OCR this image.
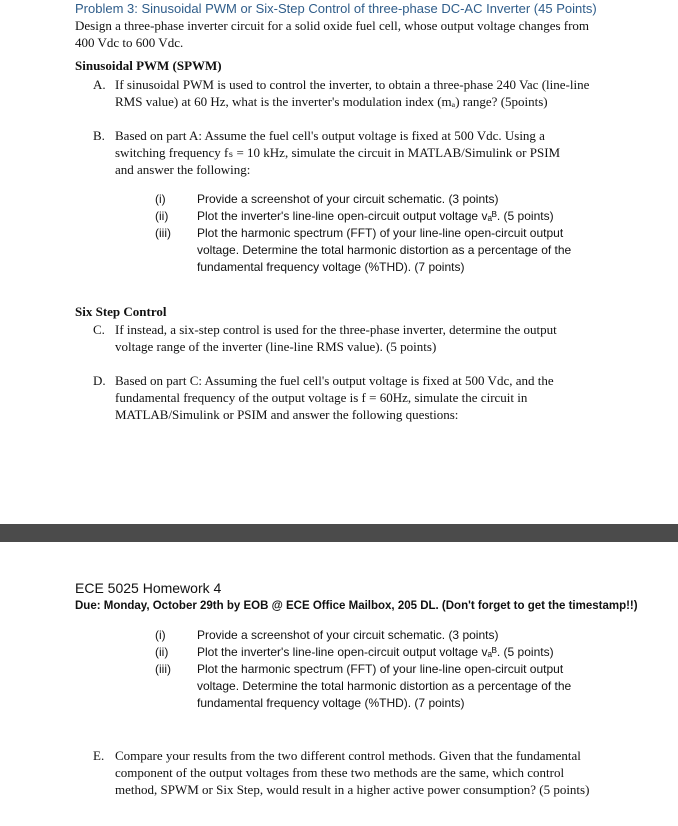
Problem 3: Sinusoidal PWM or Six-Step Control of three-phase DC-AC Inverter (45 Points)
Design a three-phase inverter circuit for a solid oxide fuel cell, whose output voltage changes from 400 Vdc to 600 Vdc.
Sinusoidal PWM (SPWM)
A. If sinusoidal PWM is used to control the inverter, to obtain a three-phase 240 Vac (line-line RMS value) at 60 Hz, what is the inverter's modulation index (mₐ) range? (5points)
B. Based on part A: Assume the fuel cell's output voltage is fixed at 500 Vdc. Using a switching frequency fₛ = 10 kHz, simulate the circuit in MATLAB/Simulink or PSIM and answer the following:
(i)	Provide a screenshot of your circuit schematic. (3 points)
(ii)	Plot the inverter's line-line open-circuit output voltage vₐᴮ. (5 points)
(iii)	Plot the harmonic spectrum (FFT) of your line-line open-circuit output voltage. Determine the total harmonic distortion as a percentage of the fundamental frequency voltage (%THD). (7 points)
Six Step Control
C. If instead, a six-step control is used for the three-phase inverter, determine the output voltage range of the inverter (line-line RMS value). (5 points)
D. Based on part C: Assuming the fuel cell's output voltage is fixed at 500 Vdc, and the fundamental frequency of the output voltage is f = 60Hz, simulate the circuit in MATLAB/Simulink or PSIM and answer the following questions:
ECE 5025 Homework 4
Due: Monday, October 29th by EOB @ ECE Office Mailbox, 205 DL. (Don't forget to get the timestamp!!)
(i)	Provide a screenshot of your circuit schematic. (3 points)
(ii)	Plot the inverter's line-line open-circuit output voltage vₐᴮ. (5 points)
(iii)	Plot the harmonic spectrum (FFT) of your line-line open-circuit output voltage. Determine the total harmonic distortion as a percentage of the fundamental frequency voltage (%THD). (7 points)
E. Compare your results from the two different control methods. Given that the fundamental component of the output voltages from these two methods are the same, which control method, SPWM or Six Step, would result in a higher active power consumption? (5 points)
